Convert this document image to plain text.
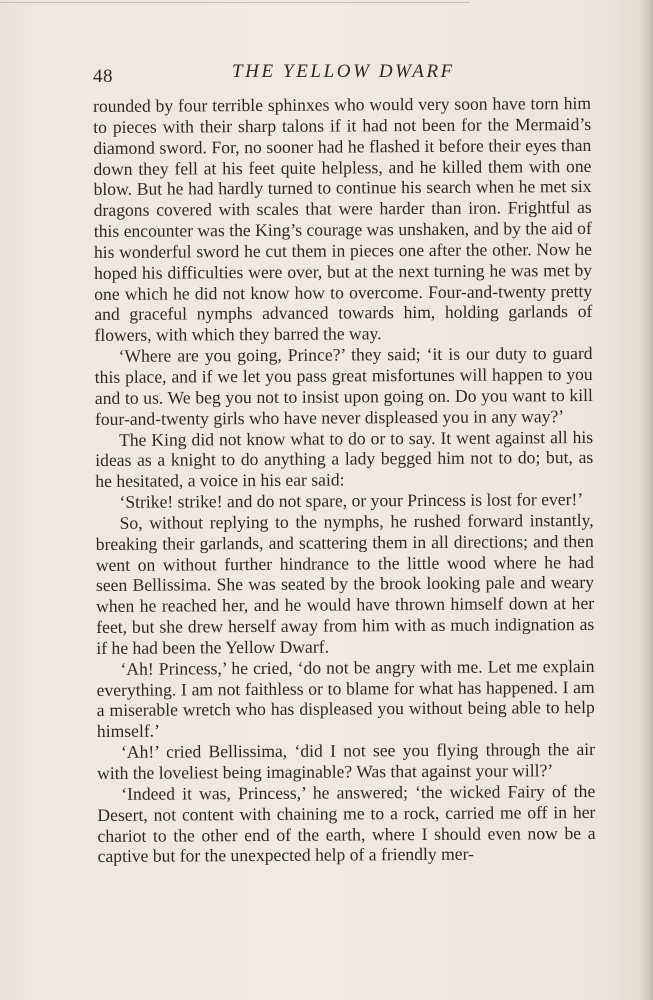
48	THE YELLOW DWARF

rounded by four terrible sphinxes who would very soon have torn him to pieces with their sharp talons if it had not been for the Mermaid’s diamond sword. For, no sooner had he flashed it before their eyes than down they fell at his feet quite helpless, and he killed them with one blow. But he had hardly turned to continue his search when he met six dragons covered with scales that were harder than iron. Frightful as this encounter was the King’s courage was unshaken, and by the aid of his wonderful sword he cut them in pieces one after the other. Now he hoped his difficulties were over, but at the next turning he was met by one which he did not know how to overcome. Four-and-twenty pretty and graceful nymphs advanced towards him, holding garlands of flowers, with which they barred the way.

‘Where are you going, Prince?’ they said; ‘it is our duty to guard this place, and if we let you pass great misfortunes will happen to you and to us. We beg you not to insist upon going on. Do you want to kill four-and-twenty girls who have never displeased you in any way?’

The King did not know what to do or to say. It went against all his ideas as a knight to do anything a lady begged him not to do; but, as he hesitated, a voice in his ear said:

‘Strike! strike! and do not spare, or your Princess is lost for ever!’

So, without replying to the nymphs, he rushed forward instantly, breaking their garlands, and scattering them in all directions; and then went on without further hindrance to the little wood where he had seen Bellissima. She was seated by the brook looking pale and weary when he reached her, and he would have thrown himself down at her feet, but she drew herself away from him with as much indignation as if he had been the Yellow Dwarf.

‘Ah! Princess,’ he cried, ‘do not be angry with me. Let me explain everything. I am not faithless or to blame for what has happened. I am a miserable wretch who has displeased you without being able to help himself.’

‘Ah!’ cried Bellissima, ‘did I not see you flying through the air with the loveliest being imaginable? Was that against your will?’

‘Indeed it was, Princess,’ he answered; ‘the wicked Fairy of the Desert, not content with chaining me to a rock, carried me off in her chariot to the other end of the earth, where I should even now be a captive but for the unexpected help of a friendly mer-
